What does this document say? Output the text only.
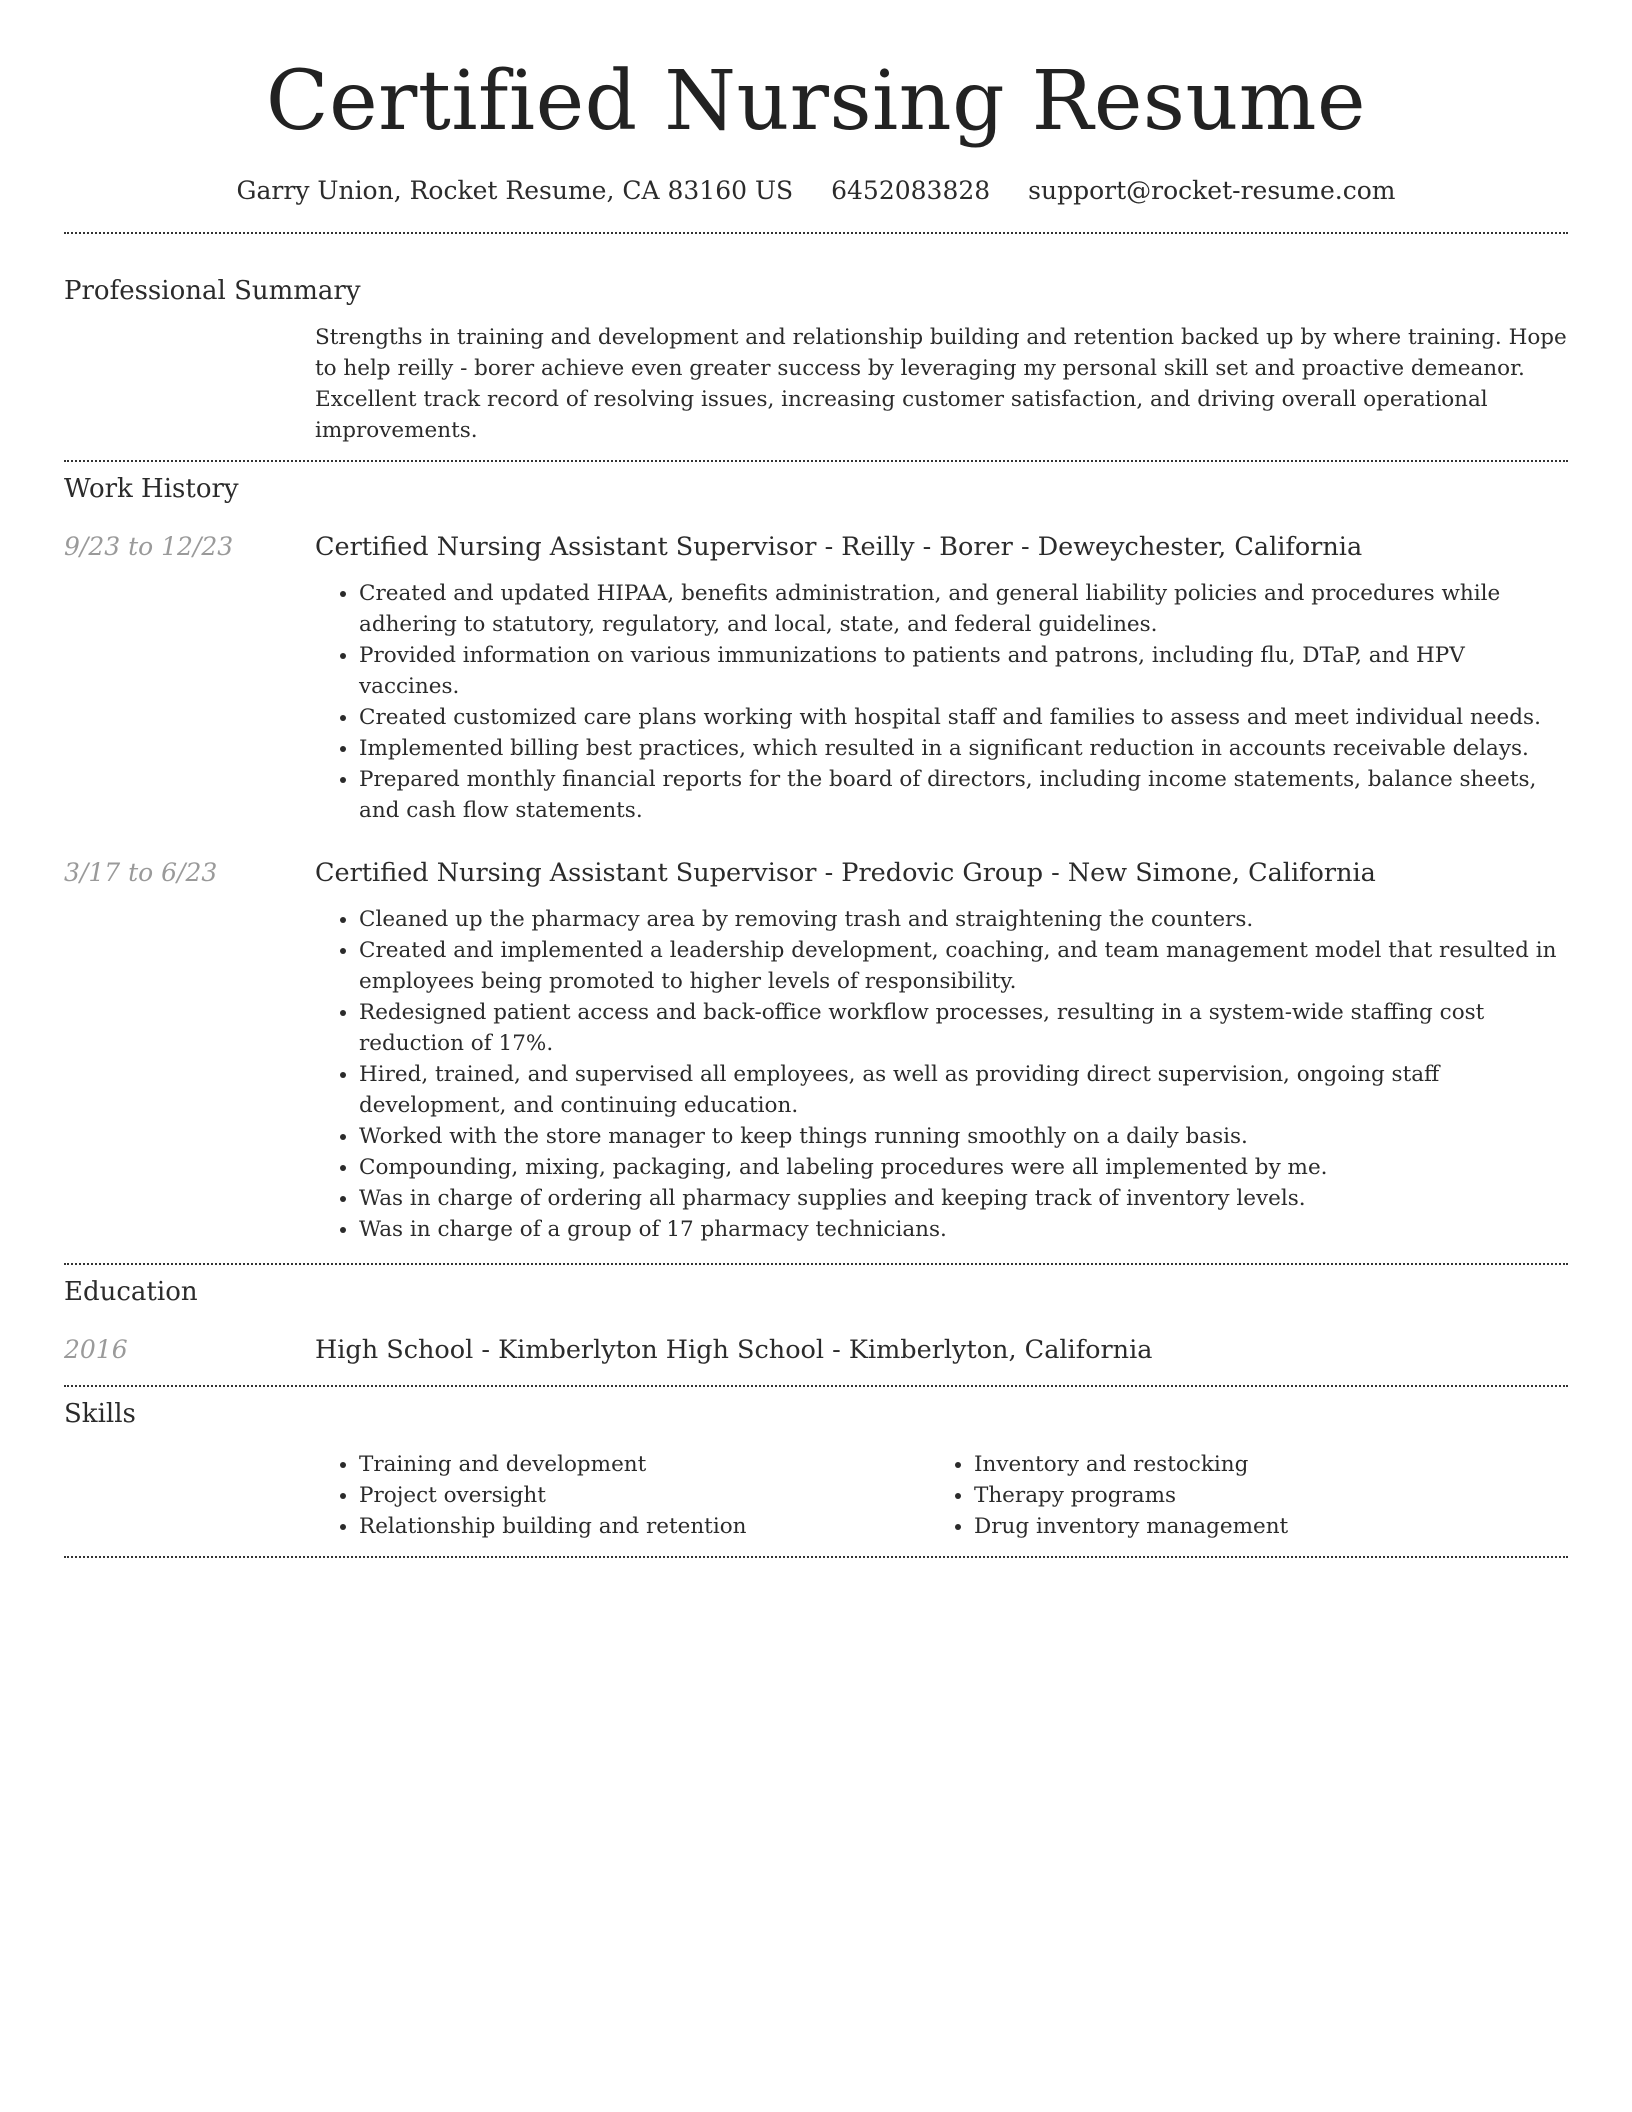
Certified Nursing Resume
Garry Union, Rocket Resume, CA 83160 US 6452083828 support@rocket-resume.com
Professional Summary
Strengths in training and development and relationship building and retention backed up by where training. Hope to help reilly - borer achieve even greater success by leveraging my personal skill set and proactive demeanor. Excellent track record of resolving issues, increasing customer satisfaction, and driving overall operational improvements.
Work History
9/23 to 12/23	Certified Nursing Assistant Supervisor - Reilly - Borer - Deweychester, California
• Created and updated HIPAA, benefits administration, and general liability policies and procedures while adhering to statutory, regulatory, and local, state, and federal guidelines.
• Provided information on various immunizations to patients and patrons, including flu, DTaP, and HPV vaccines.
• Created customized care plans working with hospital staff and families to assess and meet individual needs.
• Implemented billing best practices, which resulted in a significant reduction in accounts receivable delays.
• Prepared monthly financial reports for the board of directors, including income statements, balance sheets, and cash flow statements.
3/17 to 6/23	Certified Nursing Assistant Supervisor - Predovic Group - New Simone, California
• Cleaned up the pharmacy area by removing trash and straightening the counters.
• Created and implemented a leadership development, coaching, and team management model that resulted in employees being promoted to higher levels of responsibility.
• Redesigned patient access and back-office workflow processes, resulting in a system-wide staffing cost reduction of 17%.
• Hired, trained, and supervised all employees, as well as providing direct supervision, ongoing staff development, and continuing education.
• Worked with the store manager to keep things running smoothly on a daily basis.
• Compounding, mixing, packaging, and labeling procedures were all implemented by me.
• Was in charge of ordering all pharmacy supplies and keeping track of inventory levels.
• Was in charge of a group of 17 pharmacy technicians.
Education
2016	High School - Kimberlyton High School - Kimberlyton, California
Skills
• Training and development
• Project oversight
• Relationship building and retention
• Inventory and restocking
• Therapy programs
• Drug inventory management
